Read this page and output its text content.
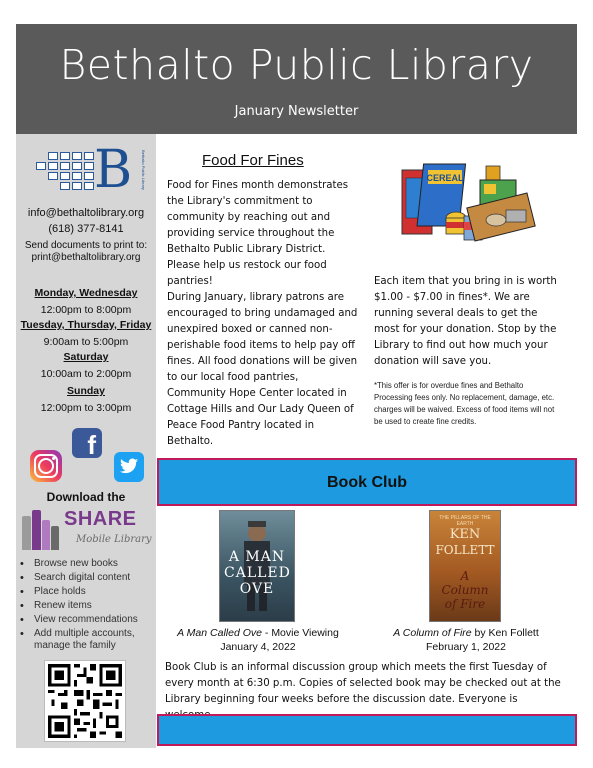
Bethalto Public Library
January Newsletter
B	Bethalto Public Library
info@bethaltolibrary.org
(618) 377-8141
Send documents to print to:
print@bethaltolibrary.org
Monday, Wednesday
12:00pm to 8:00pm
Tuesday, Thursday, Friday
9:00am to 5:00pm
Saturday
10:00am to 2:00pm
Sunday
12:00pm to 3:00pm
f
Download the
SHARE
Mobile Library
• Browse new books
• Search digital content
• Place holds
• Renew items
• View recommendations
• Add multiple accounts, manage the family
Food For Fines
Food for Fines month demonstrates the Library's commitment to community by reaching out and providing service throughout the Bethalto Public Library District. Please help us restock our food pantries!
During January, library patrons are encouraged to bring undamaged and unexpired boxed or canned non-perishable food items to help pay off fines. All food donations will be given to our local food pantries, Community Hope Center located in Cottage Hills and Our Lady Queen of Peace Food Pantry located in Bethalto.
CEREAL
Each item that you bring in is worth $1.00 - $7.00 in fines*. We are running several deals to get the most for your donation. Stop by the Library to find out how much your donation will save you.
*This offer is for overdue fines and Bethalto Processing fees only. No replacement, damage, etc. charges will be waived. Excess of food items will not be used to create fine credits.
Book Club
A MAN CALLED OVE
THE PILLARS OF THE EARTH
KEN
FOLLETT
A Column of Fire
A Man Called Ove - Movie Viewing
January 4, 2022
A Column of Fire by Ken Follett
February 1, 2022
Book Club is an informal discussion group which meets the first Tuesday of every month at 6:30 p.m. Copies of selected book may be checked out at the Library beginning four weeks before the discussion date. Everyone is
